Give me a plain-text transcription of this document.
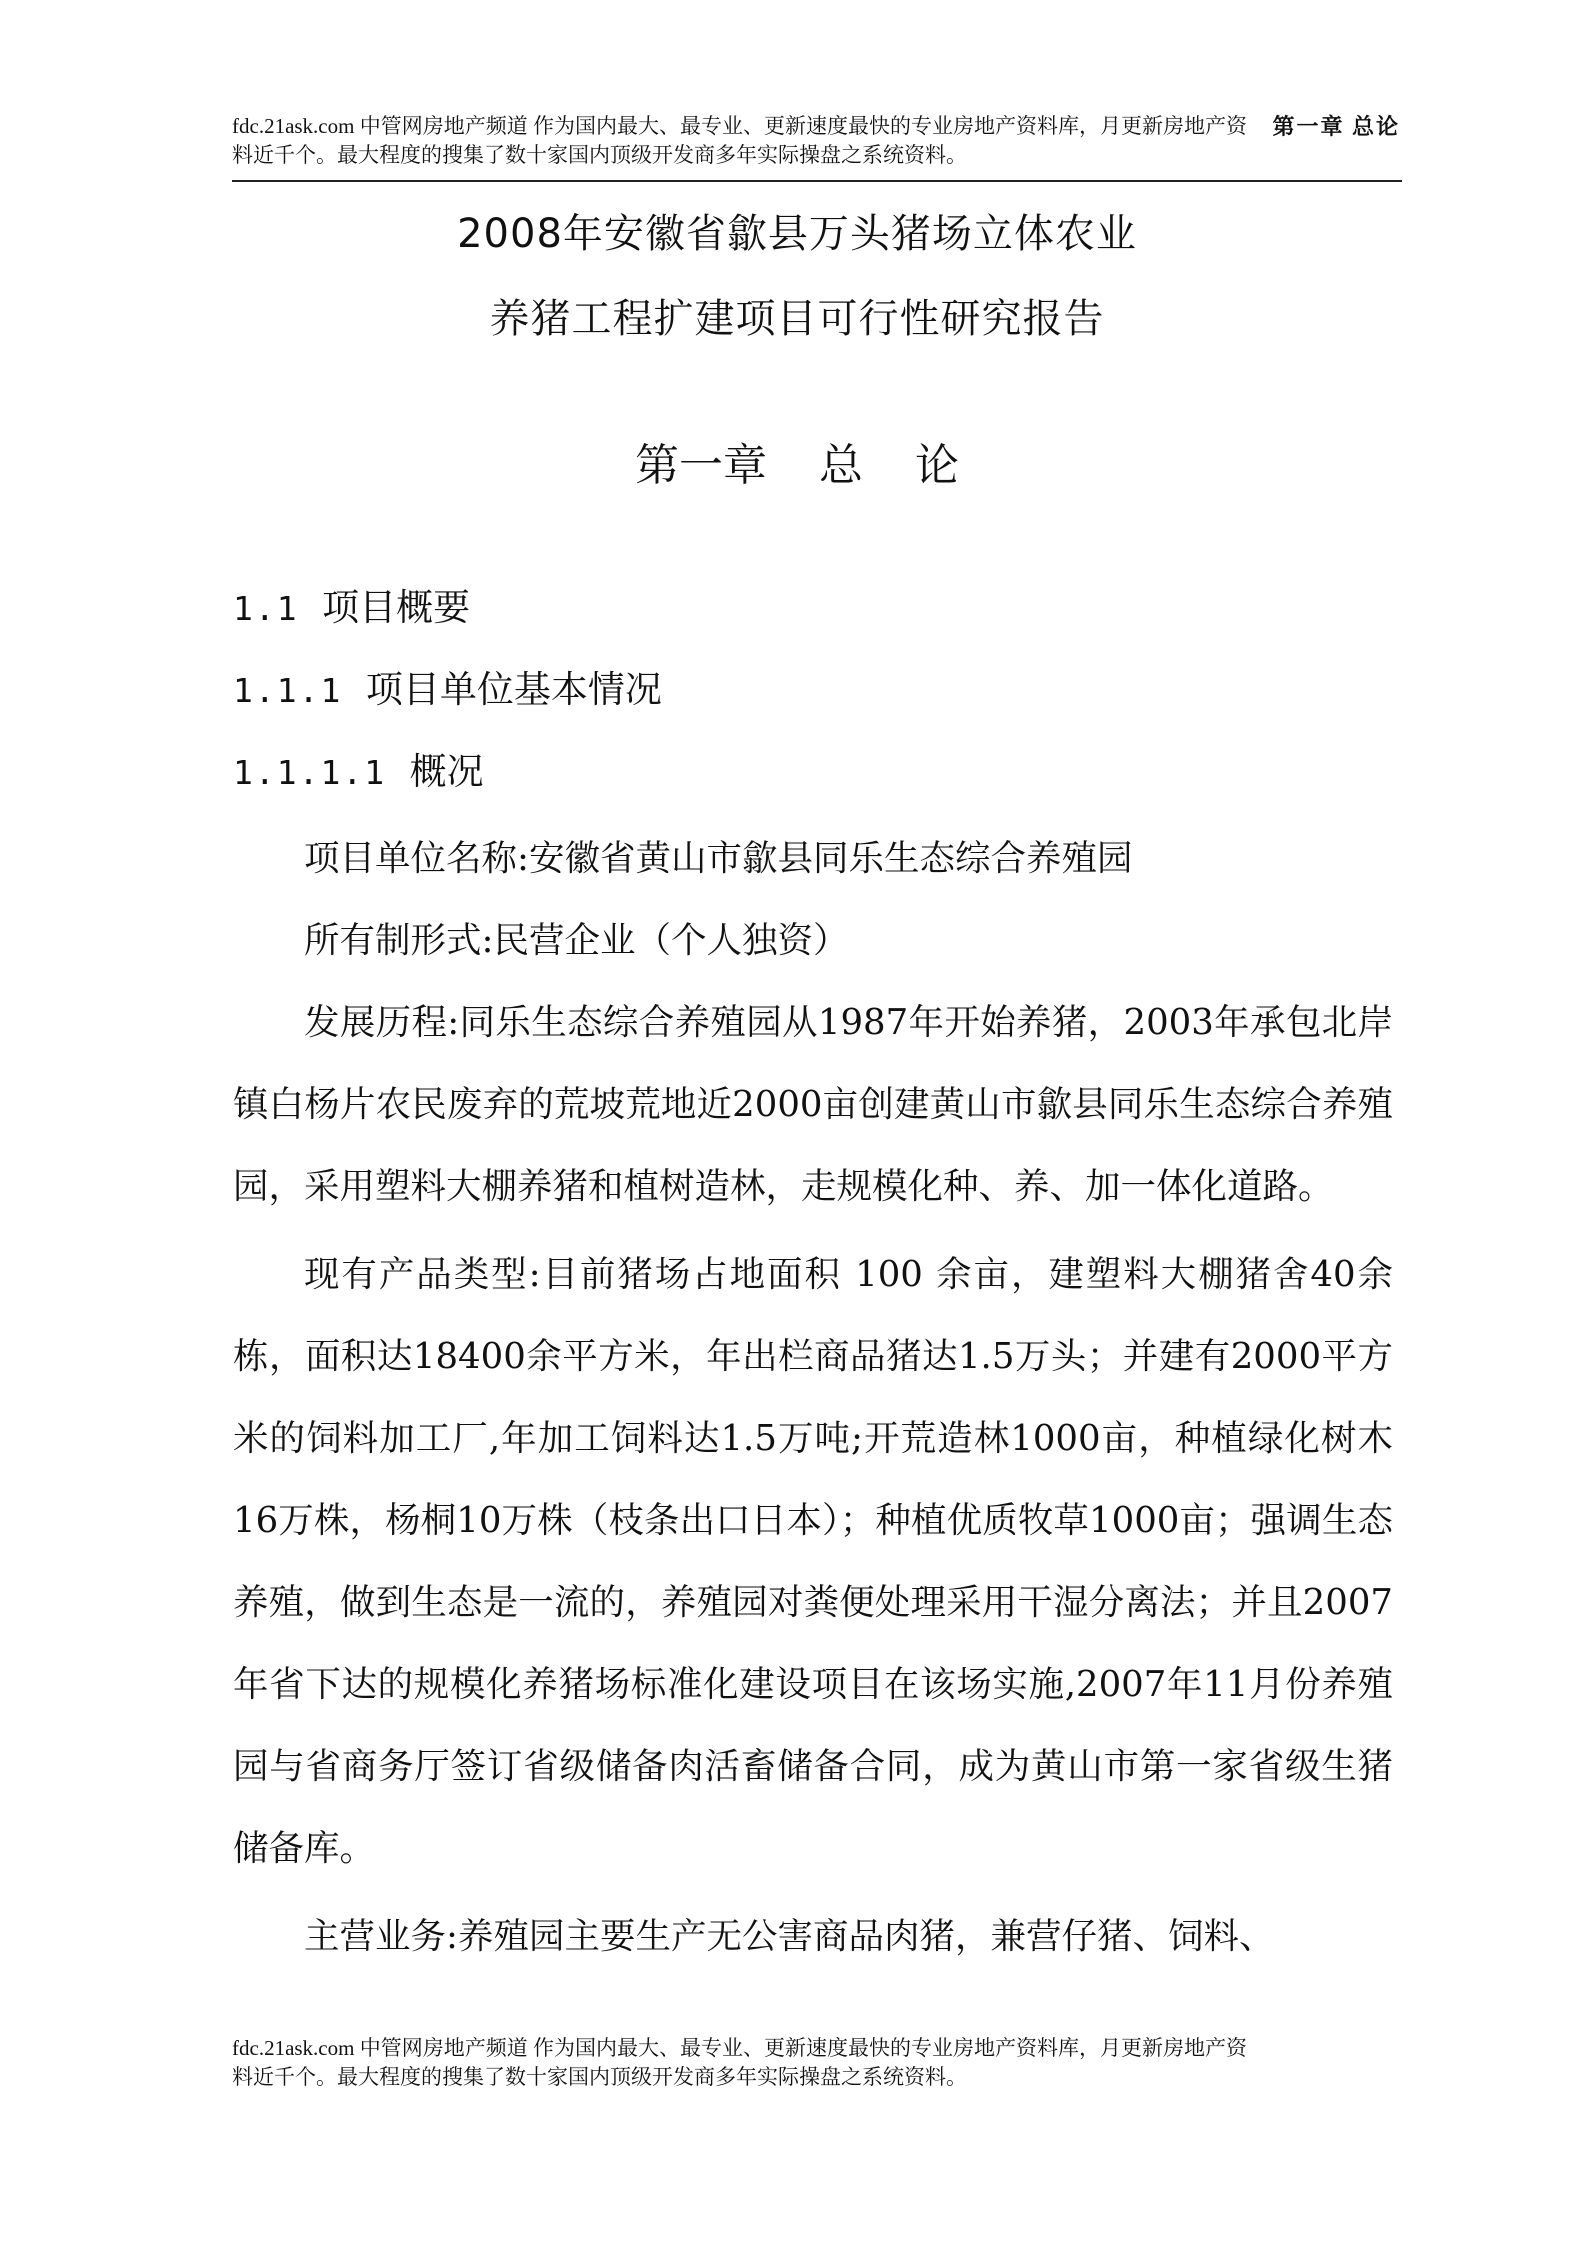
fdc.21ask.com 中管网房地产频道 作为国内最大、最专业、更新速度最快的专业房地产资料库，月更新房地产资
料近千个。最大程度的搜集了数十家国内顶级开发商多年实际操盘之系统资料。
第一章 总论
2008年安徽省歙县万头猪场立体农业
养猪工程扩建项目可行性研究报告
第一章 总 论
1.1 项目概要
1.1.1 项目单位基本情况
1.1.1.1 概况

项目单位名称:安徽省黄山市歙县同乐生态综合养殖园

所有制形式:民营企业（个人独资）

发展历程:同乐生态综合养殖园从1987年开始养猪，2003年承包北岸镇白杨片农民废弃的荒坡荒地近2000亩创建黄山市歙县同乐生态综合养殖园，采用塑料大棚养猪和植树造林，走规模化种、养、加一体化道路。

现有产品类型:目前猪场占地面积 100 余亩，建塑料大棚猪舍40余栋，面积达18400余平方米，年出栏商品猪达1.5万头；并建有2000平方米的饲料加工厂,年加工饲料达1.5万吨;开荒造林1000亩，种植绿化树木16万株，杨桐10万株（枝条出口日本）；种植优质牧草1000亩；强调生态养殖，做到生态是一流的，养殖园对粪便处理采用干湿分离法；并且2007年省下达的规模化养猪场标准化建设项目在该场实施,2007年11月份养殖园与省商务厅签订省级储备肉活畜储备合同，成为黄山市第一家省级生猪储备库。

主营业务:养殖园主要生产无公害商品肉猪，兼营仔猪、饲料、

fdc.21ask.com 中管网房地产频道 作为国内最大、最专业、更新速度最快的专业房地产资料库，月更新房地产资
料近千个。最大程度的搜集了数十家国内顶级开发商多年实际操盘之系统资料。
